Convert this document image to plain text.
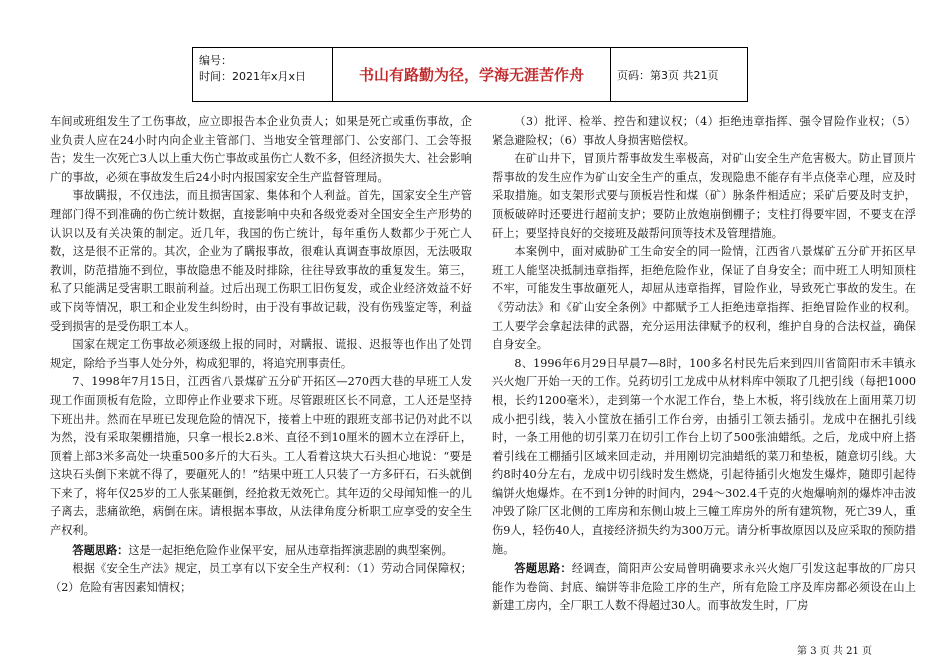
编号：
时间：2021年x月x日	书山有路勤为径，学海无涯苦作舟	页码：第3页 共21页

车间或班组发生了工伤事故，应立即报告本企业负责人；如果是死亡或重伤事故，企业负责人应在24小时内向企业主管部门、当地安全管理部门、公安部门、工会等报告；发生一次死亡3人以上重大伤亡事故或虽伤亡人数不多，但经济损失大、社会影响广的事故，必须在事故发生后24小时内报国家安全生产监督管理局。

事故瞒报，不仅违法，而且损害国家、集体和个人利益。首先，国家安全生产管理部门得不到准确的伤亡统计数据，直接影响中央和各级党委对全国安全生产形势的认识以及有关决策的制定。近几年，我国的伤亡统计，每年重伤人数都少于死亡人数，这是很不正常的。其次，企业为了瞒报事故，很难认真调查事故原因，无法吸取教训，防范措施不到位，事故隐患不能及时排除，往往导致事故的重复发生。第三，私了只能满足受害职工眼前利益。过后出现工伤职工旧伤复发，或企业经济效益不好或下岗等情况，职工和企业发生纠纷时，由于没有事故记载，没有伤残鉴定等，利益受到损害的是受伤职工本人。

国家在规定工伤事故必须逐级上报的同时，对瞒报、谎报、迟报等也作出了处罚规定，除给予当事人处分外，构成犯罪的，将追究刑事责任。

7、1998年7月15日，江西省八景煤矿五分矿开拓区—270西大巷的早班工人发现工作面顶板有危险，立即停止作业要求下班。尽管跟班区长不同意，工人还是坚持下班出井。然而在早班已发现危险的情况下，接着上中班的跟班支部书记仍对此不以为然，没有采取架棚措施，只拿一根长2.8米、直径不到10厘米的圆木立在浮矸上，顶着上部3米多高处一块重500多斤的大石头。工人看着这块大石头担心地说：“要是这块石头倒下来就不得了，要砸死人的！”结果中班工人只装了一方多矸石，石头就倒下来了，将年仅25岁的工人张某砸倒，经抢救无效死亡。其年迈的父母闻知惟一的儿子离去，悲痛欲绝，病倒在床。请根据本事故，从法律角度分析职工应享受的安全生产权利。

答题思路：这是一起拒绝危险作业保平安，屈从违章指挥演悲剧的典型案例。

根据《安全生产法》规定，员工享有以下安全生产权利：（1）劳动合同保障权；（2）危险有害因素知情权；

（3）批评、检举、控告和建议权；（4）拒绝违章指挥、强令冒险作业权；（5）紧急避险权；（6）事故人身损害赔偿权。

在矿山井下，冒顶片帮事故发生率极高，对矿山安全生产危害极大。防止冒顶片帮事故的发生应作为矿山安全生产的重点，发现隐患不能存有半点侥幸心理，应及时采取措施。如支架形式要与顶板岩性和煤（矿）脉条件相适应；采矿后要及时支护，顶板破碎时还要进行超前支护；要防止放炮崩倒棚子；支柱打得要牢固，不要支在浮矸上；要坚持良好的交接班及敲帮问顶等技术及管理措施。

本案例中，面对威胁矿工生命安全的同一险情，江西省八景煤矿五分矿开拓区早班工人能坚决抵制违章指挥，拒绝危险作业，保证了自身安全；而中班工人明知顶柱不牢，可能发生事故砸死人，却屈从违章指挥，冒险作业，导致死亡事故的发生。在《劳动法》和《矿山安全条例》中都赋予工人拒绝违章指挥、拒绝冒险作业的权利。工人要学会拿起法律的武器，充分运用法律赋予的权利，维护自身的合法权益，确保自身安全。

8、1996年6月29日早晨7—8时，100多名村民先后来到四川省简阳市禾丰镇永兴火炮厂开始一天的工作。兑药切引工龙成中从材料库中领取了几把引线（每把1000根，长约1200毫米），走到第一个水泥工作台，垫上木板，将引线放在上面用菜刀切成小把引线，装入小筐放在插引工作台旁，由插引工领去插引。龙成中在捆扎引线时，一条工用他的切引菜刀在切引工作台上切了500张油蜡纸。之后，龙成中府上搭着引线在工棚插引区域来回走动，并用刚切完油蜡纸的菜刀和垫板，随意切引线。大约8时40分左右，龙成中切引线时发生燃烧，引起待插引火炮发生爆炸，随即引起待编饼火炮爆炸。在不到1分钟的时间内，294～302.4千克的火炮爆响剂的爆炸冲击波冲毁了除厂区北侧的工库房和东侧山坡上三幢工库房外的所有建筑物，死亡39人，重伤9人，轻伤40人，直接经济损失约为300万元。请分析事故原因以及应采取的预防措施。

答题思路：经调查，简阳声公安局曾明确要求永兴火炮厂引发这起事故的厂房只能作为卷筒、封底、编饼等非危险工序的生产，所有危险工序及库房都必须设在山上新建工房内，全厂职工人数不得超过30人。而事故发生时，厂房

第 3 页 共 21 页
